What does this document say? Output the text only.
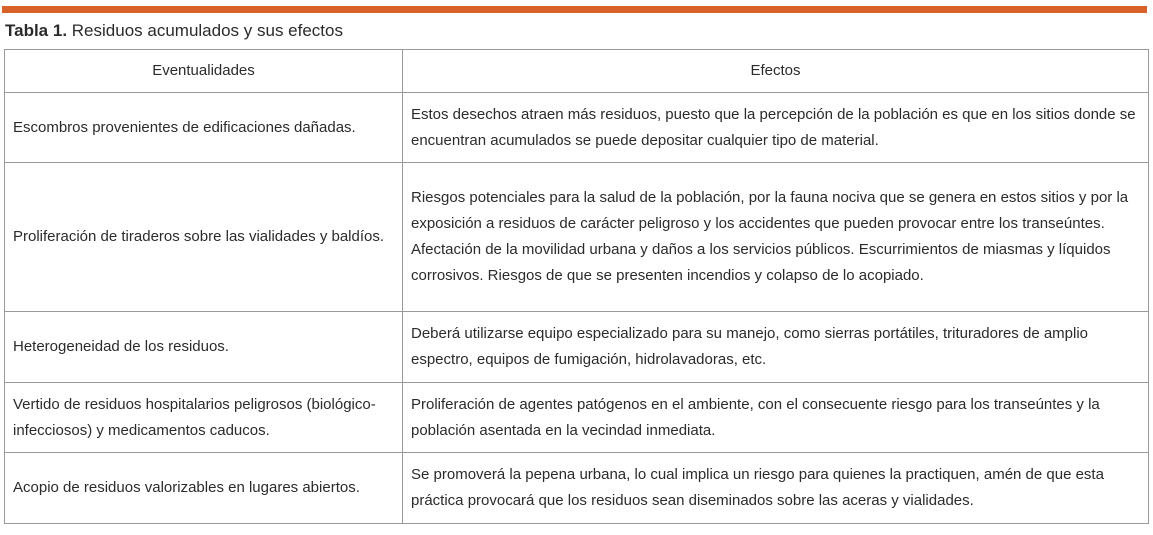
Tabla 1. Residuos acumulados y sus efectos
Eventualidades	Efectos
Escombros provenientes de edificaciones dañadas.	Estos desechos atraen más residuos, puesto que la percepción de la población es que en los sitios donde se encuentran acumulados se puede depositar cualquier tipo de material.
Proliferación de tiraderos sobre las vialidades y baldíos.	Riesgos potenciales para la salud de la población, por la fauna nociva que se genera en estos sitios y por la exposición a residuos de carácter peligroso y los accidentes que pueden provocar entre los transeúntes. Afectación de la movilidad urbana y daños a los servicios públicos. Escurrimientos de miasmas y líquidos corrosivos. Riesgos de que se presenten incendios y colapso de lo acopiado.
Heterogeneidad de los residuos.	Deberá utilizarse equipo especializado para su manejo, como sierras portátiles, trituradores de amplio espectro, equipos de fumigación, hidrolavadoras, etc.
Vertido de residuos hospitalarios peligrosos (biológico-infecciosos) y medicamentos caducos.	Proliferación de agentes patógenos en el ambiente, con el consecuente riesgo para los transeúntes y la población asentada en la vecindad inmediata.
Acopio de residuos valorizables en lugares abiertos.	Se promoverá la pepena urbana, lo cual implica un riesgo para quienes la practiquen, amén de que esta práctica provocará que los residuos sean diseminados sobre las aceras y vialidades.
